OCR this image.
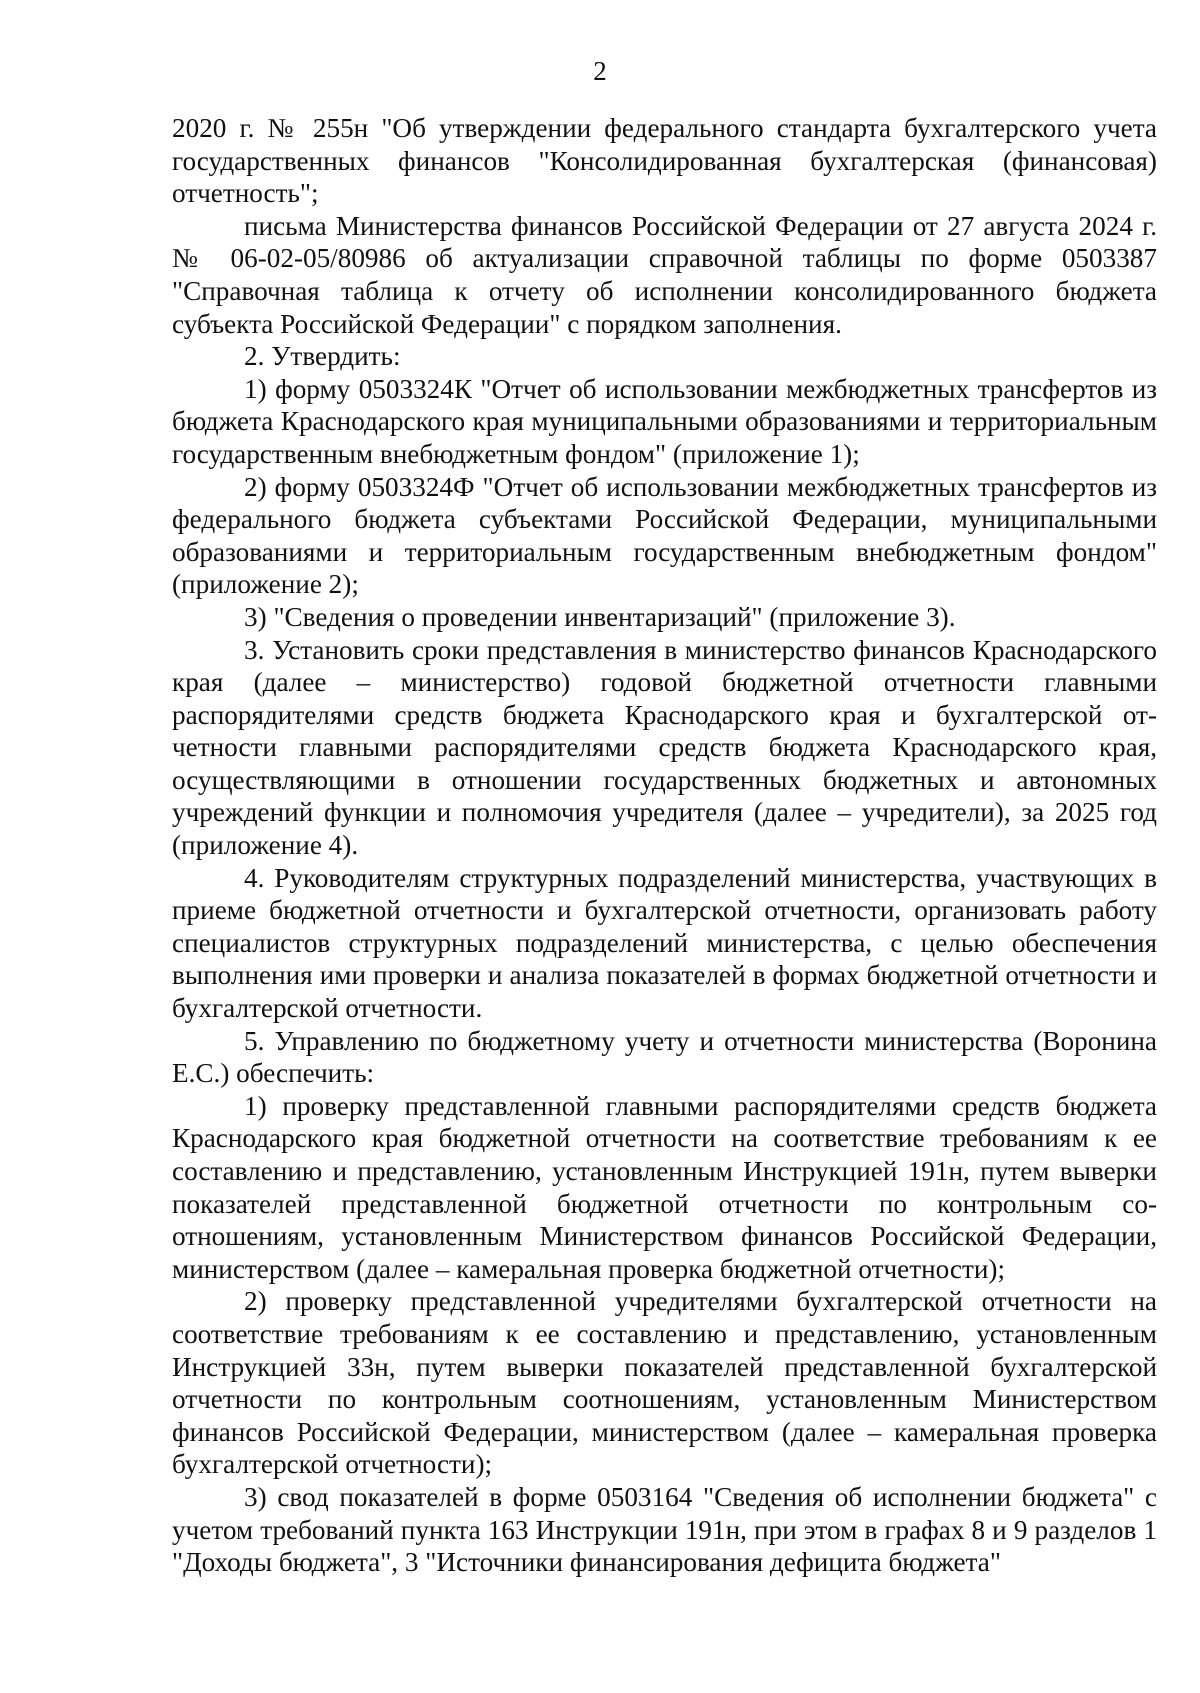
2

2020 г. № 255н "Об утверждении федерального стандарта бухгалтерского учета государственных финансов "Консолидированная бухгалтерская (финансовая) отчетность";

письма Министерства финансов Российской Федерации от 27 августа 2024 г. № 06-02-05/80986 об актуализации справочной таблицы по форме 0503387 "Справочная таблица к отчету об исполнении консолидированного бюджета субъекта Российской Федерации" с порядком заполнения.

2. Утвердить:

1) форму 0503324К "Отчет об использовании межбюджетных трансфертов из бюджета Краснодарского края муниципальными образованиями и территориальным государственным внебюджетным фондом" (приложение 1);

2) форму 0503324Ф "Отчет об использовании межбюджетных трансфертов из федерального бюджета субъектами Российской Федерации, муниципальными образованиями и территориальным государственным внебюджетным фондом" (приложение 2);

3) "Сведения о проведении инвентаризаций" (приложение 3).

3. Установить сроки представления в министерство финансов Краснодарского края (далее – министерство) годовой бюджетной отчетности главными распорядителями средств бюджета Краснодарского края и бухгалтерской отчетности главными распорядителями средств бюджета Краснодарского края, осуществляющими в отношении государственных бюджетных и автономных учреждений функции и полномочия учредителя (далее – учредители), за 2025 год (приложение 4).

4. Руководителям структурных подразделений министерства, участвующих в приеме бюджетной отчетности и бухгалтерской отчетности, организовать работу специалистов структурных подразделений министерства, с целью обеспечения выполнения ими проверки и анализа показателей в формах бюджетной отчетности и бухгалтерской отчетности.

5. Управлению по бюджетному учету и отчетности министерства (Воронина Е.С.) обеспечить:

1) проверку представленной главными распорядителями средств бюджета Краснодарского края бюджетной отчетности на соответствие требованиям к ее составлению и представлению, установленным Инструкцией 191н, путем выверки показателей представленной бюджетной отчетности по контрольным соотношениям, установленным Министерством финансов Российской Федерации, министерством (далее – камеральная проверка бюджетной отчетности);

2) проверку представленной учредителями бухгалтерской отчетности на соответствие требованиям к ее составлению и представлению, установленным Инструкцией 33н, путем выверки показателей представленной бухгалтерской отчетности по контрольным соотношениям, установленным Министерством финансов Российской Федерации, министерством (далее – камеральная проверка бухгалтерской отчетности);

3) свод показателей в форме 0503164 "Сведения об исполнении бюджета" с учетом требований пункта 163 Инструкции 191н, при этом в графах 8 и 9 разделов 1 "Доходы бюджета", 3 "Источники финансирования дефицита бюджета"
